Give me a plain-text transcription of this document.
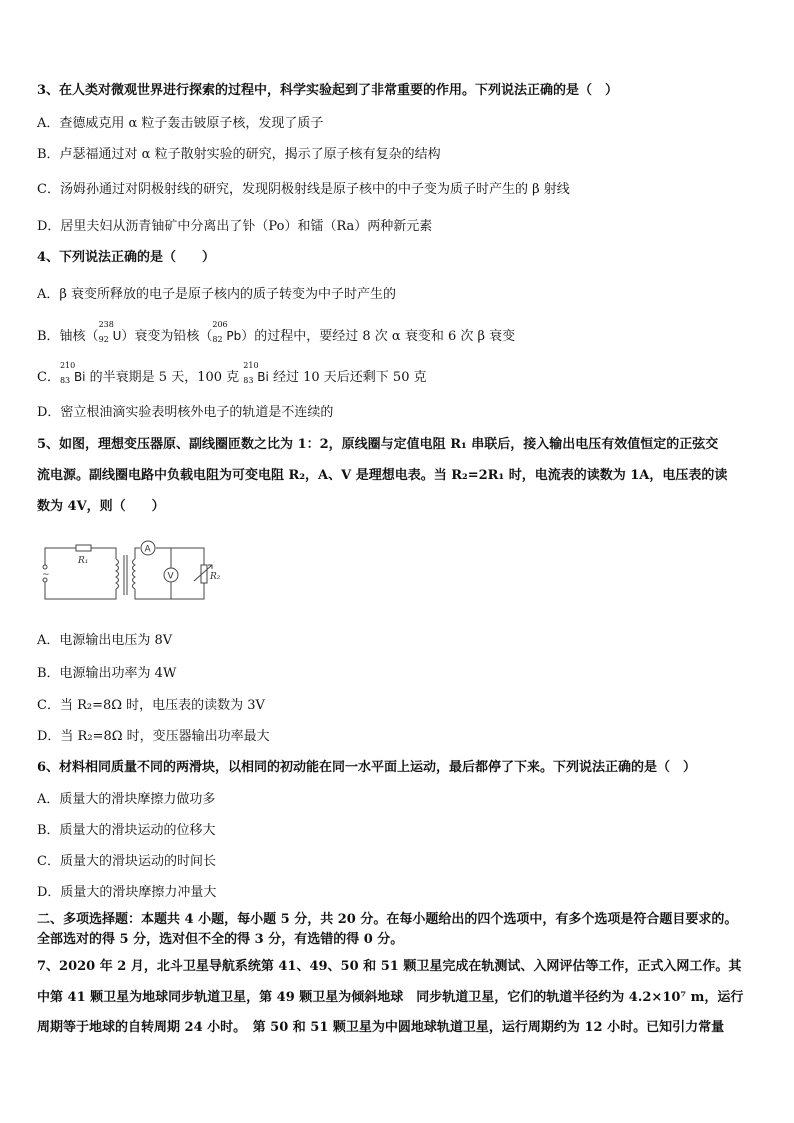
3、在人类对微观世界进行探索的过程中，科学实验起到了非常重要的作用。下列说法正确的是（　）
A．查德威克用 α 粒子轰击铍原子核，发现了质子
B．卢瑟福通过对 α 粒子散射实验的研究，揭示了原子核有复杂的结构
C．汤姆孙通过对阴极射线的研究，发现阴极射线是原子核中的中子变为质子时产生的 β 射线
D．居里夫妇从沥青铀矿中分离出了钋（Po）和镭（Ra）两种新元素
4、下列说法正确的是（　　）
A．β 衰变所释放的电子是原子核内的质子转变为中子时产生的
B．铀核（
238
92 U）衰变为铅核（
206
82 Pb）的过程中，要经过 8 次 α 衰变和 6 次 β 衰变
C．
210
83 Bi 的半衰期是 5 天，100 克
210
83 Bi 经过 10 天后还剩下 50 克
D．密立根油滴实验表明核外电子的轨道是不连续的
5、如图，理想变压器原、副线圈匝数之比为 1：2，原线圈与定值电阻 R₁ 串联后，接入输出电压有效值恒定的正弦交
流电源。副线圈电路中负载电阻为可变电阻 R₂，A、V 是理想电表。当 R₂=2R₁ 时，电流表的读数为 1A，电压表的读
数为 4V，则（　　）
~
R₁
A
V	R₂
A．电源输出电压为 8V
B．电源输出功率为 4W
C．当 R₂=8Ω 时，电压表的读数为 3V
D．当 R₂=8Ω 时，变压器输出功率最大
6、材料相同质量不同的两滑块，以相同的初动能在同一水平面上运动，最后都停了下来。下列说法正确的是（　）
A．质量大的滑块摩擦力做功多
B．质量大的滑块运动的位移大
C．质量大的滑块运动的时间长
D．质量大的滑块摩擦力冲量大
二、多项选择题：本题共 4 小题，每小题 5 分，共 20 分。在每小题给出的四个选项中，有多个选项是符合题目要求的。
全部选对的得 5 分，选对但不全的得 3 分，有选错的得 0 分。
7、2020 年 2 月，北斗卫星导航系统第 41、49、50 和 51 颗卫星完成在轨测试、入网评估等工作，正式入网工作。其
中第 41 颗卫星为地球同步轨道卫星，第 49 颗卫星为倾斜地球　同步轨道卫星，它们的轨道半径约为 4.2×10⁷ m，运行
周期等于地球的自转周期 24 小时。　第 50 和 51 颗卫星为中圆地球轨道卫星，运行周期约为 12 小时。已知引力常量
